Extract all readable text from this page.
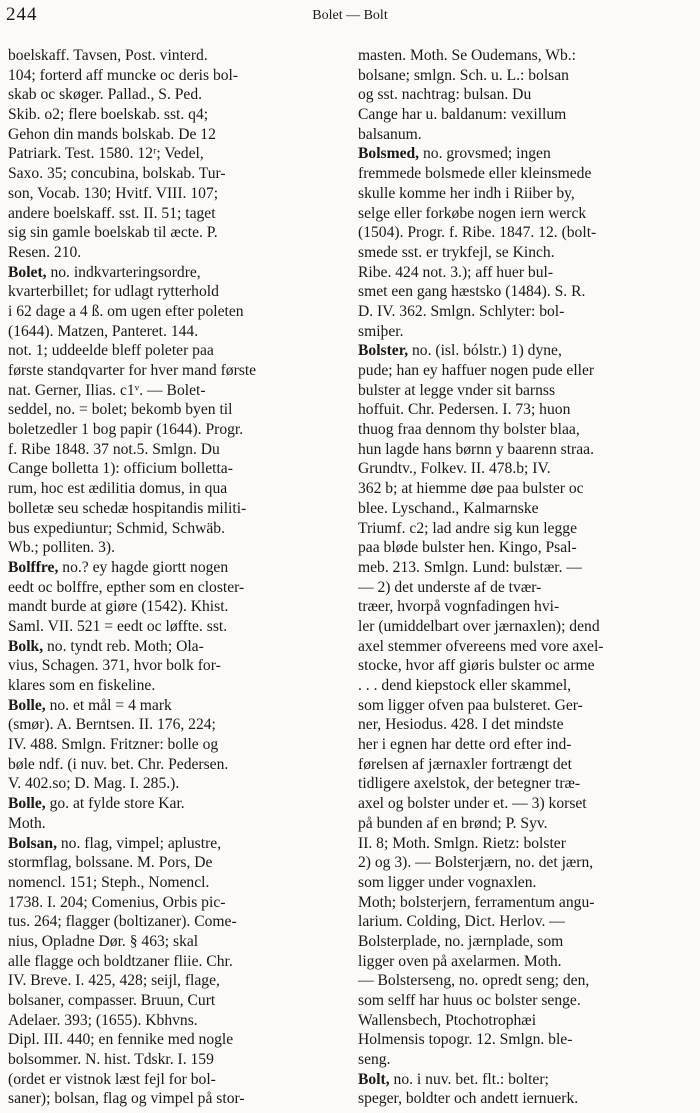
244	Bolet — Bolt
boelskaff. Tavsen, Post. vinterd.
104; forterd aff muncke oc deris bol-
skab oc skøger. Pallad., S. Ped.
Skib. o2; flere boelskab. sst. q4;
Gehon din mands bolskab. De 12
Patriark. Test. 1580. 12ʳ; Vedel,
Saxo. 35; concubina, bolskab. Tur-
son, Vocab. 130; Hvitf. VIII. 107;
andere boelskaff. sst. II. 51; taget
sig sin gamle boelskab til æcte. P.
Resen. 210.
Bolet, no. indkvarteringsordre,
kvarterbillet; for udlagt rytterhold
i 62 dage a 4 ß. om ugen efter poleten
(1644). Matzen, Panteret. 144.
not. 1; uddeelde bleff poleter paa
første standqvarter for hver mand første
nat. Gerner, Ilias. c1ᵛ. — Bolet-
seddel, no. = bolet; bekomb byen til
boletzedler 1 bog papir (1644). Progr.
f. Ribe 1848. 37 not.5. Smlgn. Du
Cange bolletta 1): officium bolletta-
rum, hoc est ædilitia domus, in qua
bolletæ seu schedæ hospitandis militi-
bus expediuntur; Schmid, Schwäb.
Wb.; polliten. 3).
Bolffre, no.? ey hagde giortt nogen
eedt oc bolffre, epther som en closter-
mandt burde at giøre (1542). Khist.
Saml. VII. 521 = eedt oc løffte. sst.
Bolk, no. tyndt reb. Moth; Ola-
vius, Schagen. 371, hvor bolk for-
klares som en fiskeline.
Bolle, no. et mål = 4 mark
(smør). A. Berntsen. II. 176, 224;
IV. 488. Smlgn. Fritzner: bolle og
bøle ndf. (i nuv. bet. Chr. Pedersen.
V. 402.so; D. Mag. I. 285.).
Bolle, go. at fylde store Kar.
Moth.
Bolsan, no. flag, vimpel; aplustre,
stormflag, bolssane. M. Pors, De
nomencl. 151; Steph., Nomencl.
1738. I. 204; Comenius, Orbis pic-
tus. 264; flagger (boltizaner). Come-
nius, Opladne Dør. § 463; skal
alle flagge och boldtzaner fliie. Chr.
IV. Breve. I. 425, 428; seijl, flage,
bolsaner, compasser. Bruun, Curt
Adelaer. 393; (1655). Kbhvns.
Dipl. III. 440; en fennike med nogle
bolsommer. N. hist. Tdskr. I. 159
(ordet er vistnok læst fejl for bol-
saner); bolsan, flag og vimpel på stor-
masten. Moth. Se Oudemans, Wb.:
bolsane; smlgn. Sch. u. L.: bolsan
og sst. nachtrag: bulsan. Du
Cange har u. baldanum: vexillum
balsanum.
Bolsmed, no. grovsmed; ingen
fremmede bolsmede eller kleinsmede
skulle komme her indh i Riiber by,
selge eller forkøbe nogen iern werck
(1504). Progr. f. Ribe. 1847. 12. (bolt-
smede sst. er trykfejl, se Kinch.
Ribe. 424 not. 3.); aff huer bul-
smet een gang hæstsko (1484). S. R.
D. IV. 362. Smlgn. Schlyter: bol-
smiþer.
Bolster, no. (isl. bólstr.) 1) dyne,
pude; han ey haffuer nogen pude eller
bulster at legge vnder sit barnss
hoffuit. Chr. Pedersen. I. 73; huon
thuog fraa dennom thy bolster blaa,
hun lagde hans børnn y baarenn straa.
Grundtv., Folkev. II. 478.b; IV.
362 b; at hiemme døe paa bulster oc
blee. Lyschand., Kalmarnske
Triumf. c2; lad andre sig kun legge
paa bløde bulster hen. Kingo, Psal-
meb. 213. Smlgn. Lund: bulstær. —
— 2) det underste af de tvær-
træer, hvorpå vognfadingen hvi-
ler (umiddelbart over jærnaxlen); dend
axel stemmer ofvereens med vore axel-
stocke, hvor aff giøris bulster oc arme
. . . dend kiepstock eller skammel,
som ligger ofven paa bulsteret. Ger-
ner, Hesiodus. 428. I det mindste
her i egnen har dette ord efter ind-
førelsen af jærnaxler fortrængt det
tidligere axelstok, der betegner træ-
axel og bolster under et. — 3) korset
på bunden af en brønd; P. Syv.
II. 8; Moth. Smlgn. Rietz: bolster
2) og 3). — Bolsterjærn, no. det jærn,
som ligger under vognaxlen.
Moth; bolsterjern, ferramentum angu-
larium. Colding, Dict. Herlov. —
Bolsterplade, no. jærnplade, som
ligger oven på axelarmen. Moth.
— Bolsterseng, no. opredt seng; den,
som selff har huus oc bolster senge.
Wallensbech, Ptochotrophæi
Holmensis topogr. 12. Smlgn. ble-
seng.
Bolt, no. i nuv. bet. flt.: bolter;
speger, boldter och andett iernuerk.
